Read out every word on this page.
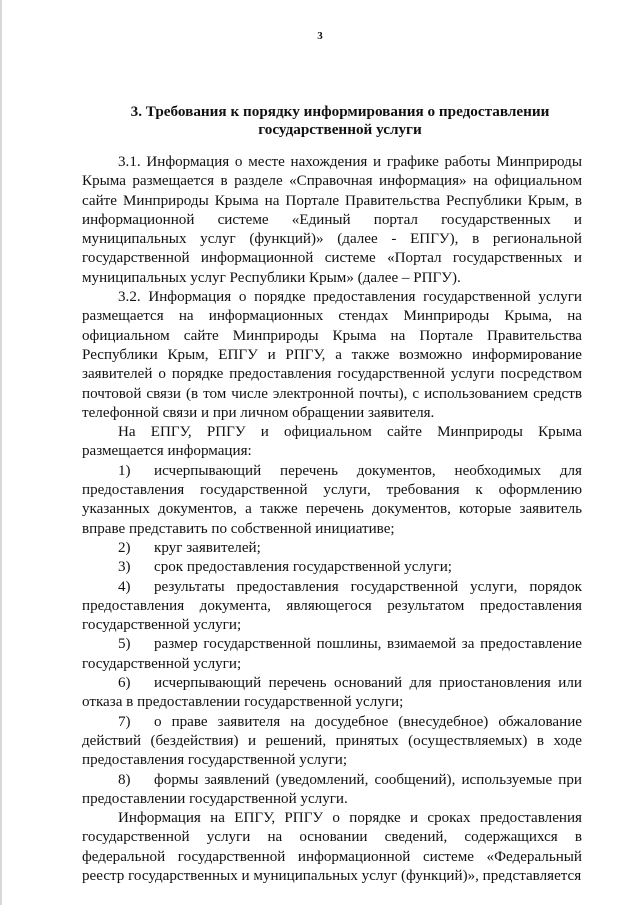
3
3. Требования к порядку информирования о предоставлении
государственной услуги

3.1. Информация о месте нахождения и графике работы Минприроды Крыма размещается в разделе «Справочная информация» на официальном сайте Минприроды Крыма на Портале Правительства Республики Крым, в информационной системе «Единый портал государственных и муниципальных услуг (функций)» (далее - ЕПГУ), в региональной государственной информационной системе «Портал государственных и муниципальных услуг Республики Крым» (далее – РПГУ).

3.2. Информация о порядке предоставления государственной услуги размещается на информационных стендах Минприроды Крыма, на официальном сайте Минприроды Крыма на Портале Правительства Республики Крым, ЕПГУ и РПГУ, а также возможно информирование заявителей о порядке предоставления государственной услуги посредством почтовой связи (в том числе электронной почты), с использованием средств телефонной связи и при личном обращении заявителя.

На ЕПГУ, РПГУ и официальном сайте Минприроды Крыма размещается информация:

1) исчерпывающий перечень документов, необходимых для предоставления государственной услуги, требования к оформлению указанных документов, а также перечень документов, которые заявитель вправе представить по собственной инициативе;

2) круг заявителей;

3) срок предоставления государственной услуги;

4) результаты предоставления государственной услуги, порядок предоставления документа, являющегося результатом предоставления государственной услуги;

5) размер государственной пошлины, взимаемой за предоставление государственной услуги;

6) исчерпывающий перечень оснований для приостановления или отказа в предоставлении государственной услуги;

7) о праве заявителя на досудебное (внесудебное) обжалование действий (бездействия) и решений, принятых (осуществляемых) в ходе предоставления государственной услуги;

8) формы заявлений (уведомлений, сообщений), используемые при предоставлении государственной услуги.

Информация на ЕПГУ, РПГУ о порядке и сроках предоставления государственной услуги на основании сведений, содержащихся в федеральной государственной информационной системе «Федеральный реестр государственных и муниципальных услуг (функций)», представляется
